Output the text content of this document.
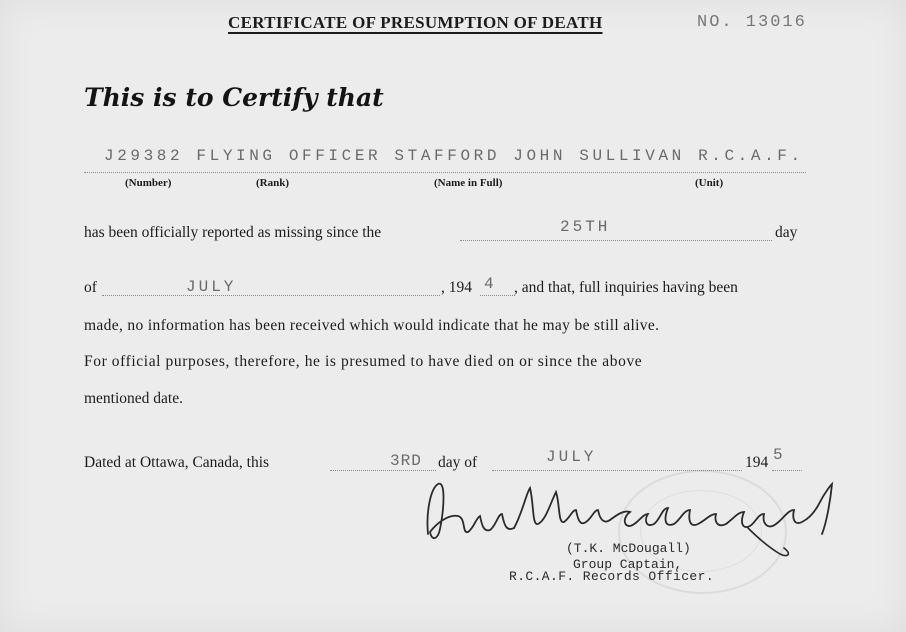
CERTIFICATE OF PRESUMPTION OF DEATH	NO. 13016
This is to Certify that
J29382 FLYING OFFICER STAFFORD JOHN SULLIVAN R.C.A.F.
(Number)	(Rank)	(Name in Full)	(Unit)
has been officially reported as missing since the	25TH	day
of	JULY	, 194 4 , and that, full inquiries having been
made, no information has been received which would indicate that he may be still alive.
For official purposes, therefore, he is presumed to have died on or since the above
mentioned date.
Dated at Ottawa, Canada, this	3RD day of	JULY	194 5
(T.K. McDougall)
Group Captain,
R.C.A.F. Records Officer.
